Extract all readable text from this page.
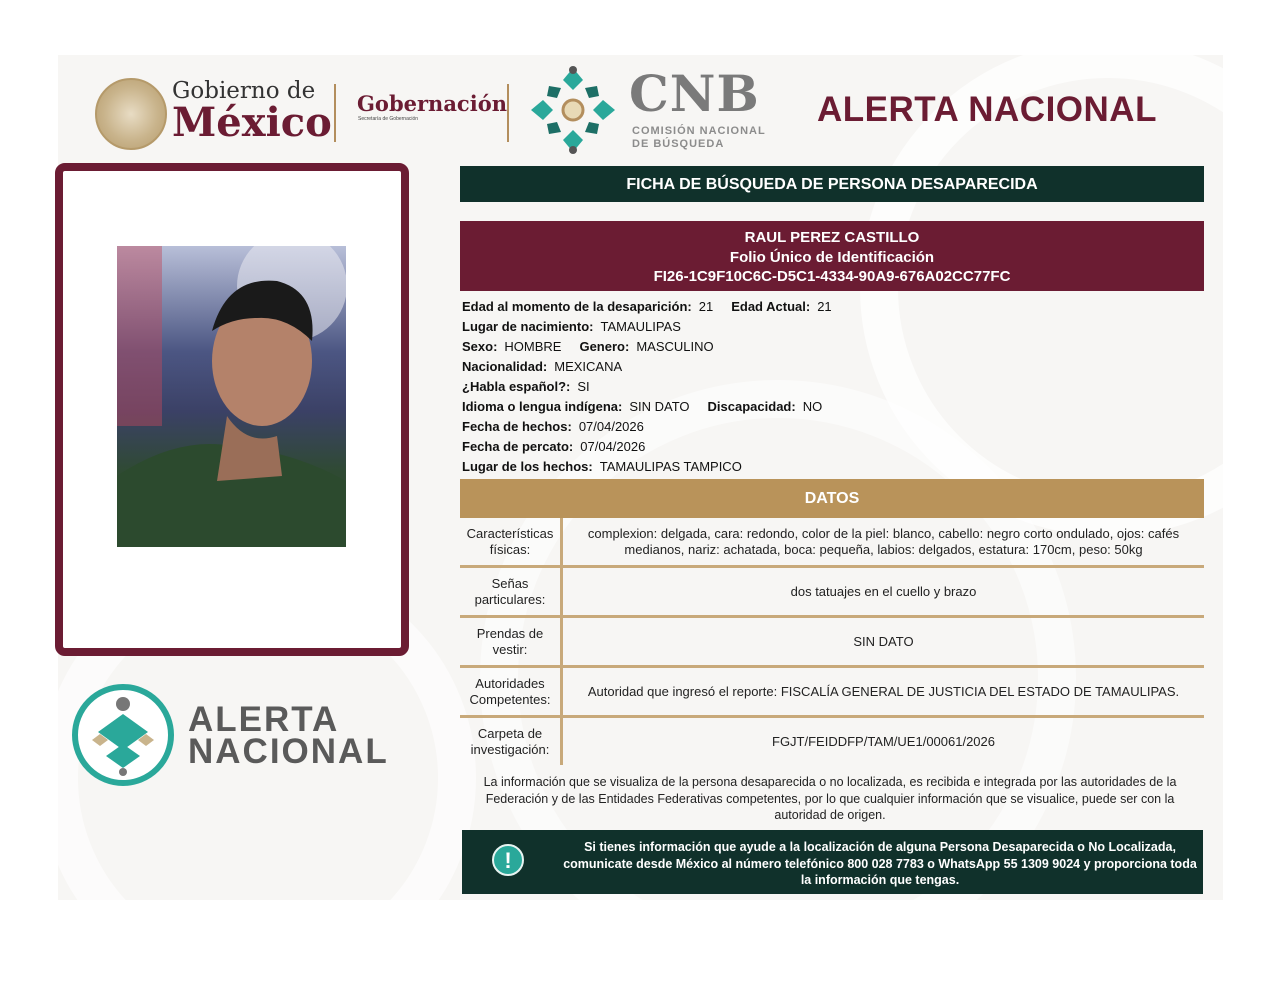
Gobierno de
México Gobernación
Secretaría de Gobernación	CNB
COMISIÓN NACIONAL
DE BÚSQUEDA
ALERTA NACIONAL
ALERTA
NACIONAL
FICHA DE BÚSQUEDA DE PERSONA DESAPARECIDA
RAUL PEREZ CASTILLO
Folio Único de Identificación
FI26-1C9F10C6C-D5C1-4334-90A9-676A02CC77FC
Edad al momento de la desaparición: 21 Edad Actual: 21
Lugar de nacimiento: TAMAULIPAS
Sexo: HOMBRE Genero: MASCULINO
Nacionalidad: MEXICANA
¿Habla español?: SI
Idioma o lengua indígena: SIN DATO Discapacidad: NO
Fecha de hechos: 07/04/2026
Fecha de percato: 07/04/2026
Lugar de los hechos: TAMAULIPAS TAMPICO
DATOS
Características físicas:
complexion: delgada, cara: redondo, color de la piel: blanco, cabello: negro corto ondulado, ojos: cafés medianos, nariz: achatada, boca: pequeña, labios: delgados, estatura: 170cm, peso: 50kg
Señas particulares:
dos tatuajes en el cuello y brazo
Prendas de vestir:
SIN DATO
Autoridades Competentes:
Autoridad que ingresó el reporte: FISCALÍA GENERAL DE JUSTICIA DEL ESTADO DE TAMAULIPAS.
Carpeta de investigación:
FGJT/FEIDDFP/TAM/UE1/00061/2026
La información que se visualiza de la persona desaparecida o no localizada, es recibida e integrada por las autoridades de la Federación y de las Entidades Federativas competentes, por lo que cualquier información que se visualice, puede ser con la autoridad de origen.
!
Si tienes información que ayude a la localización de alguna Persona Desaparecida o No Localizada, comunicate desde México al número telefónico 800 028 7783 o WhatsApp 55 1309 9024 y proporciona toda la información que tengas.
